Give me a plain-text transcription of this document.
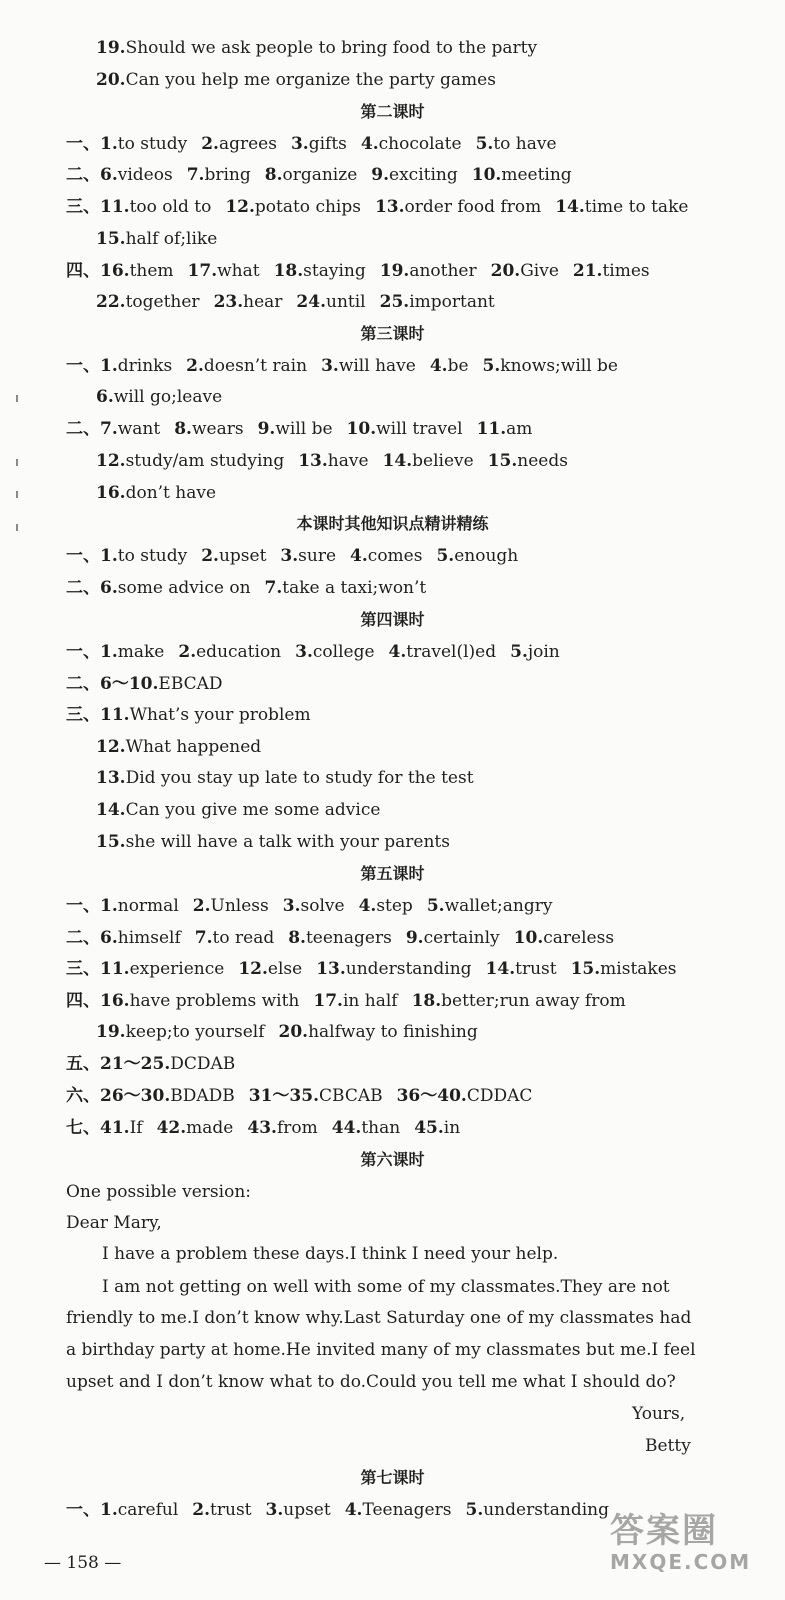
19.Should we ask people to bring food to the party
20.Can you help me organize the party games
第二课时
一、1.to study 2.agrees 3.gifts 4.chocolate 5.to have
二、6.videos 7.bring 8.organize 9.exciting 10.meeting
三、11.too old to 12.potato chips 13.order food from 14.time to take
15.half of;like
四、16.them 17.what 18.staying 19.another 20.Give 21.times
22.together 23.hear 24.until 25.important
第三课时
一、1.drinks 2.doesn’t rain 3.will have 4.be 5.knows;will be
6.will go;leave
二、7.want 8.wears 9.will be 10.will travel 11.am
12.study/am studying 13.have 14.believe 15.needs
16.don’t have
本课时其他知识点精讲精练
一、1.to study 2.upset 3.sure 4.comes 5.enough
二、6.some advice on 7.take a taxi;won’t
第四课时
一、1.make 2.education 3.college 4.travel(l)ed 5.join
二、6～10.EBCAD
三、11.What’s your problem
12.What happened
13.Did you stay up late to study for the test
14.Can you give me some advice
15.she will have a talk with your parents
第五课时
一、1.normal 2.Unless 3.solve 4.step 5.wallet;angry
二、6.himself 7.to read 8.teenagers 9.certainly 10.careless
三、11.experience 12.else 13.understanding 14.trust 15.mistakes
四、16.have problems with 17.in half 18.better;run away from
19.keep;to yourself 20.halfway to finishing
五、21～25.DCDAB
六、26～30.BDADB 31～35.CBCAB 36～40.CDDAC
七、41.If 42.made 43.from 44.than 45.in
第六课时
One possible version:
Dear Mary,
I have a problem these days.I think I need your help.
I am not getting on well with some of my classmates.They are not
friendly to me.I don’t know why.Last Saturday one of my classmates had
a birthday party at home.He invited many of my classmates but me.I feel
upset and I don’t know what to do.Could you tell me what I should do?
Yours,
Betty
第七课时
一、1.careful 2.trust 3.upset 4.Teenagers 5.understanding
— 158 —
答案圈
MXQE.COM
